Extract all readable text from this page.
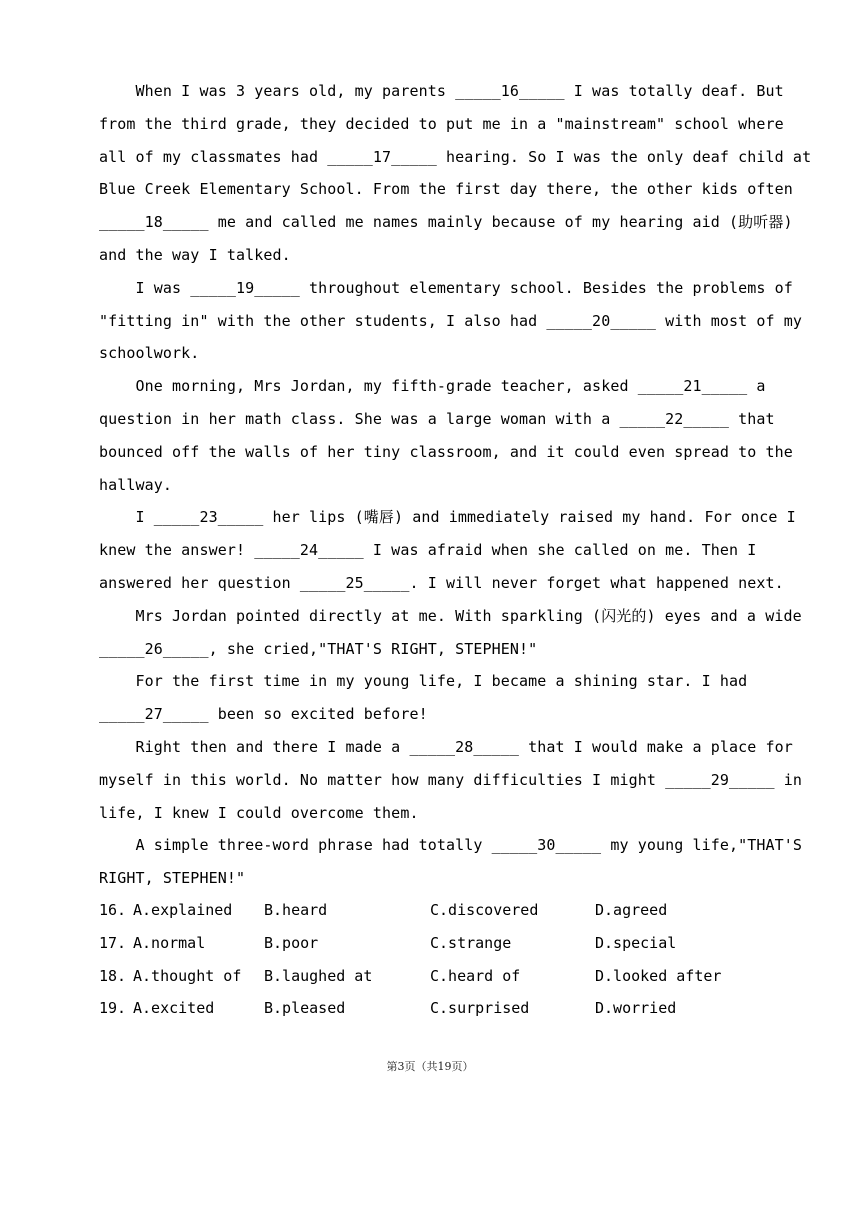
When I was 3 years old, my parents _____16_____ I was totally deaf. But
from the third grade, they decided to put me in a "mainstream" school where
all of my classmates had _____17_____ hearing. So I was the only deaf child at
Blue Creek Elementary School. From the first day there, the other kids often
_____18_____ me and called me names mainly because of my hearing aid (助听器)
and the way I talked.
I was _____19_____ throughout elementary school. Besides the problems of
"fitting in" with the other students, I also had _____20_____ with most of my
schoolwork.
One morning, Mrs Jordan, my fifth-grade teacher, asked _____21_____ a
question in her math class. She was a large woman with a _____22_____ that
bounced off the walls of her tiny classroom, and it could even spread to the
hallway.
I _____23_____ her lips (嘴唇) and immediately raised my hand. For once I
knew the answer! _____24_____ I was afraid when she called on me. Then I
answered her question _____25_____. I will never forget what happened next.
Mrs Jordan pointed directly at me. With sparkling (闪光的) eyes and a wide
_____26_____, she cried,"THAT'S RIGHT, STEPHEN!"
For the first time in my young life, I became a shining star. I had
_____27_____ been so excited before!
Right then and there I made a _____28_____ that I would make a place for
myself in this world. No matter how many difficulties I might _____29_____ in
life, I knew I could overcome them.
A simple three-word phrase had totally _____30_____ my young life,"THAT'S
RIGHT, STEPHEN!"

16.

A.explained

B.heard

	C.discovered

	D.agreed

17.

A.normal

	B.poor

	C.strange

	D.special

18.

A.thought of

B.laughed at

	C.heard of

	D.looked after

19.

A.excited

	B.pleased

	C.surprised

	D.worried

第3页（共19页）
